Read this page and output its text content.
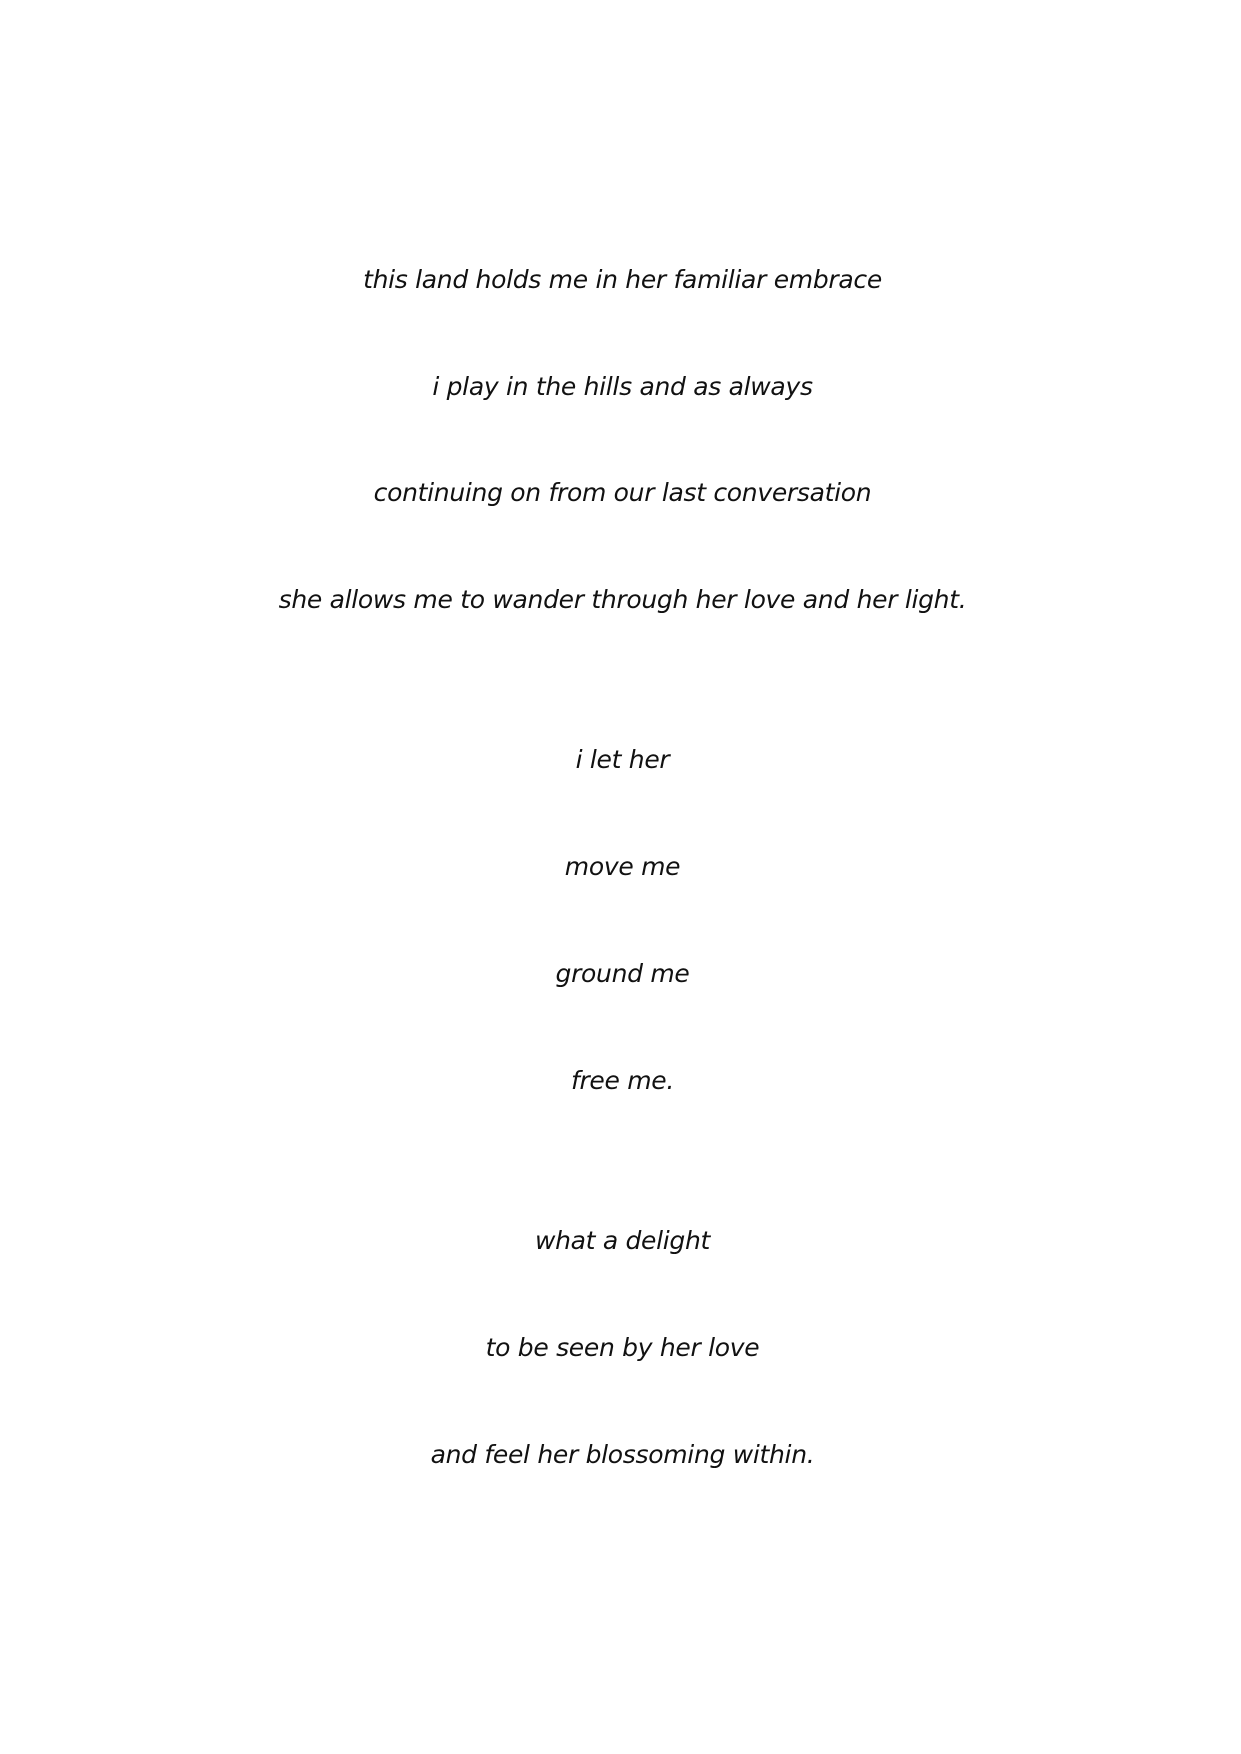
this land holds me in her familiar embrace
i play in the hills and as always
continuing on from our last conversation
she allows me to wander through her love and her light.
i let her
move me
ground me
free me.
what a delight
to be seen by her love
and feel her blossoming within.
